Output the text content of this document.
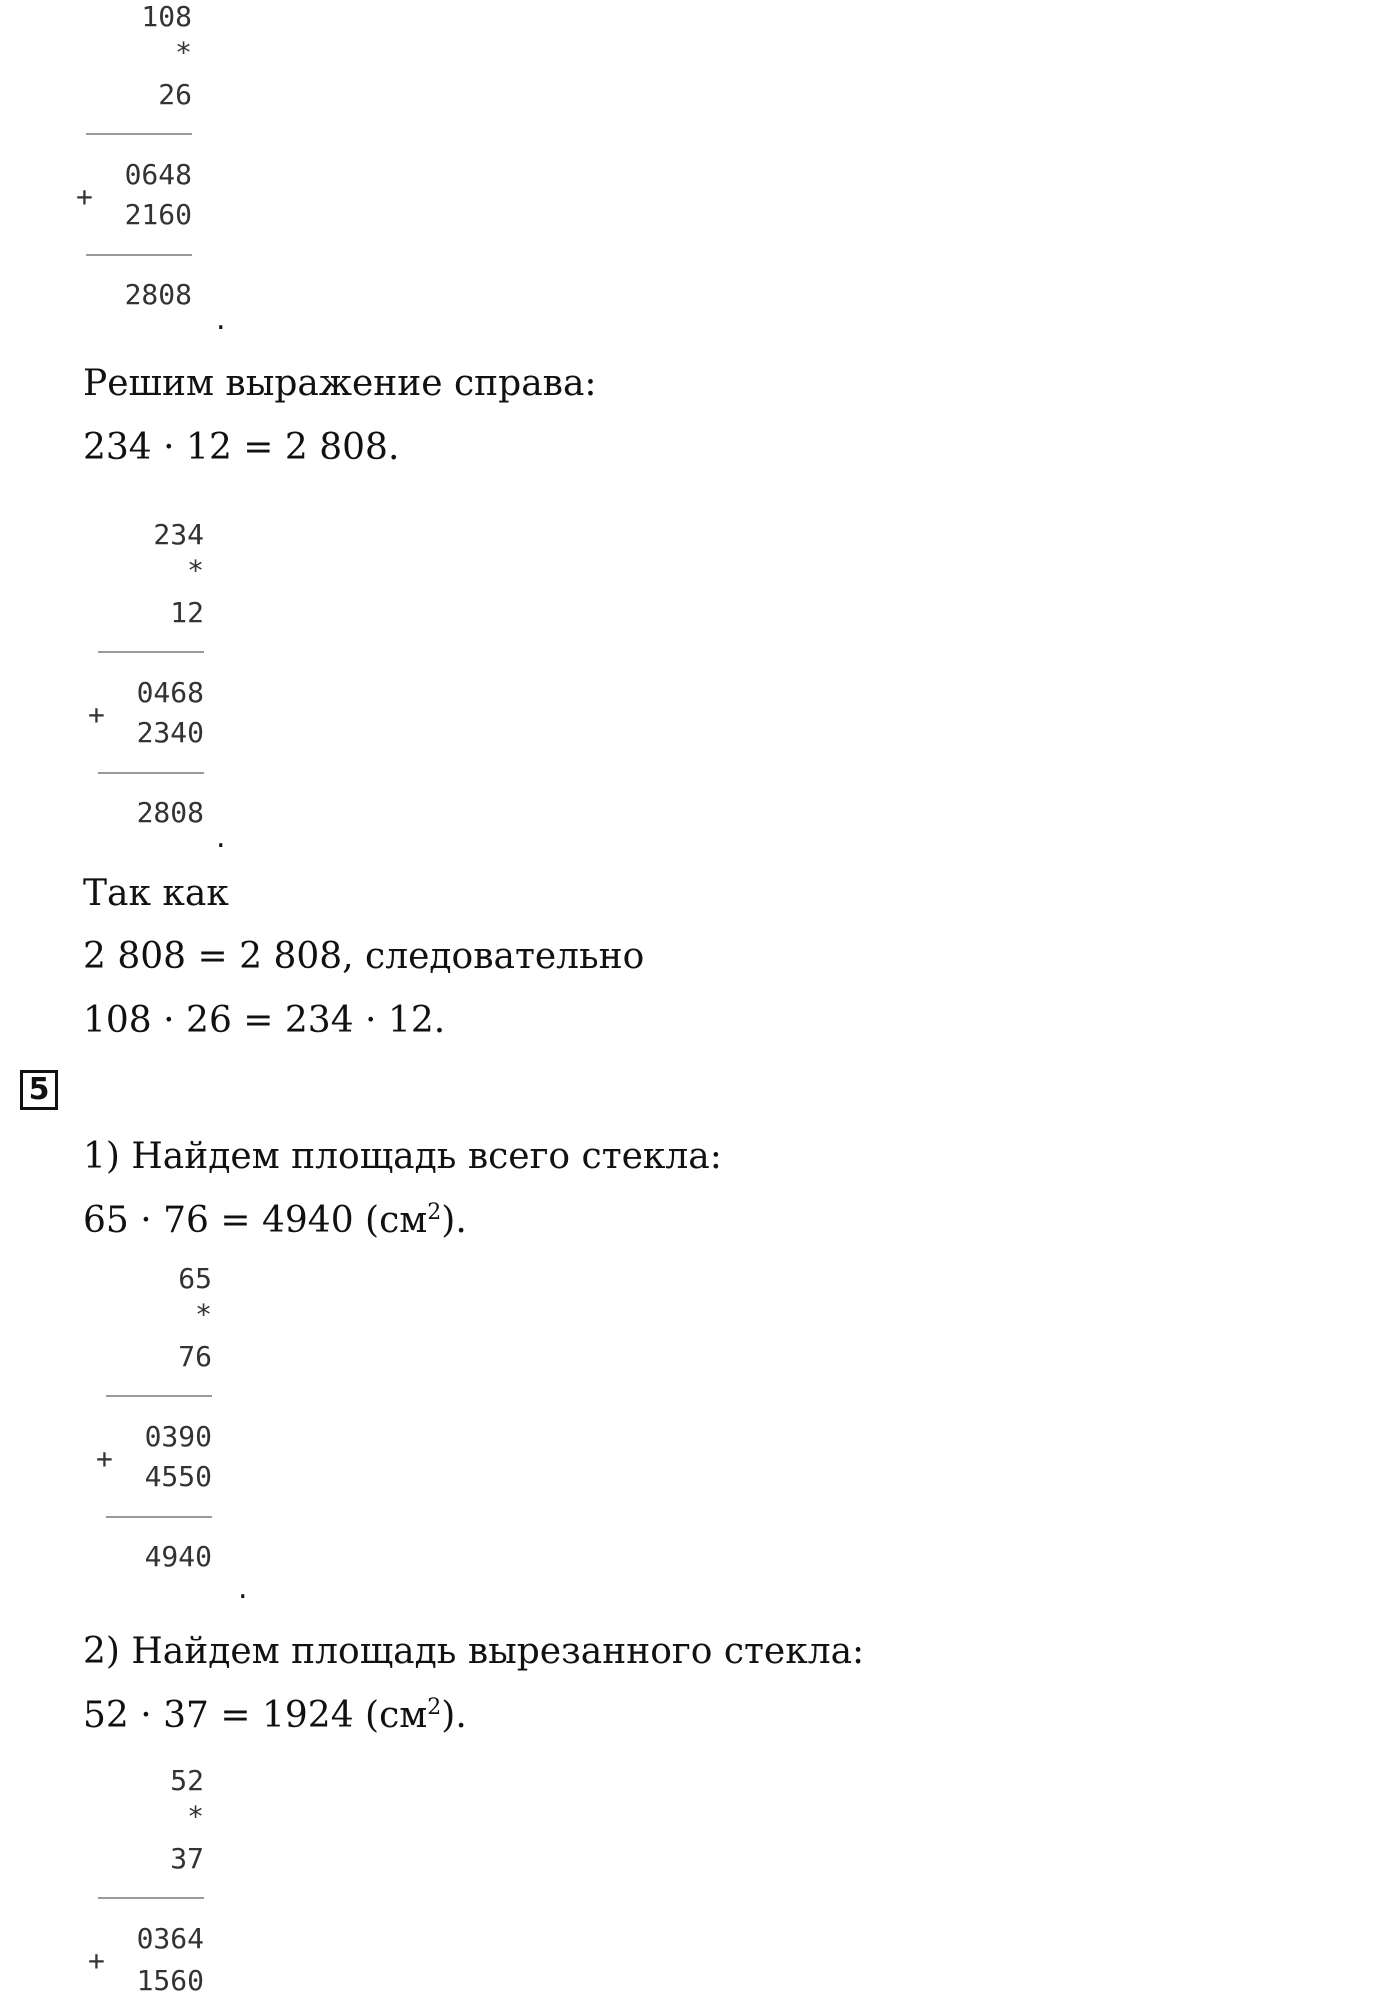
108
*
26
0648
+
2160
2808
.
Решим выражение справа:
234 · 12 = 2 808.
234
*
12
0468
+
2340
2808
.
Так как
2 808 = 2 808, следовательно
108 · 26 = 234 · 12.
5
1) Найдем площадь всего стекла:
65 · 76 = 4940 $(см^2)$.
65
*
76
0390
+
4550
4940
.
2) Найдем площадь вырезанного стекла:
52 · 37 = 1924 $(см^2)$.
52
*
37
0364
+
1560
